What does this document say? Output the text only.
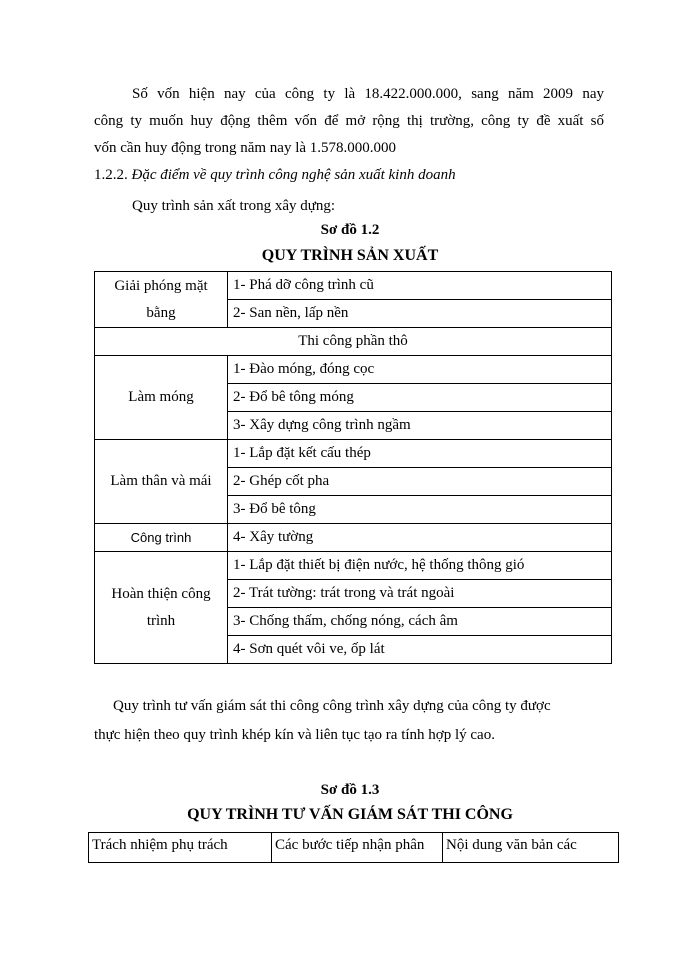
Số vốn hiện nay của công ty là 18.422.000.000, sang năm 2009 nay
công ty muốn huy động thêm vốn để mở rộng thị trường, công ty đề xuất số
vốn cần huy động trong năm nay là 1.578.000.000
1.2.2. Đặc điểm về quy trình công nghệ sản xuất kinh doanh
Quy trình sản xất trong xây dựng:
Sơ đồ 1.2
QUY TRÌNH SẢN XUẤT
Giải phóng mặt bằng	1- Phá dỡ công trình cũ
	2- San nền, lấp nền
Thi công phần thô	
Làm móng	1- Đào móng, đóng cọc
	2- Đổ bê tông móng
	3- Xây dựng công trình ngầm
Làm thân và mái	1- Lắp đặt kết cấu thép
	2- Ghép cốt pha
	3- Đổ bê tông
Công trình	4- Xây tường
Hoàn thiện công trình	1- Lắp đặt thiết bị điện nước, hệ thống thông gió
	2- Trát tường: trát trong và trát ngoài
	3- Chống thấm, chống nóng, cách âm
	4- Sơn quét vôi ve, ốp lát
Quy trình tư vấn giám sát thi công công trình xây dựng của công ty được
thực hiện theo quy trình khép kín và liên tục tạo ra tính hợp lý cao.
Sơ đồ 1.3
QUY TRÌNH TƯ VẤN GIÁM SÁT THI CÔNG
Trách nhiệm phụ trách	Các bước tiếp nhận phân	Nội dung văn bản các
